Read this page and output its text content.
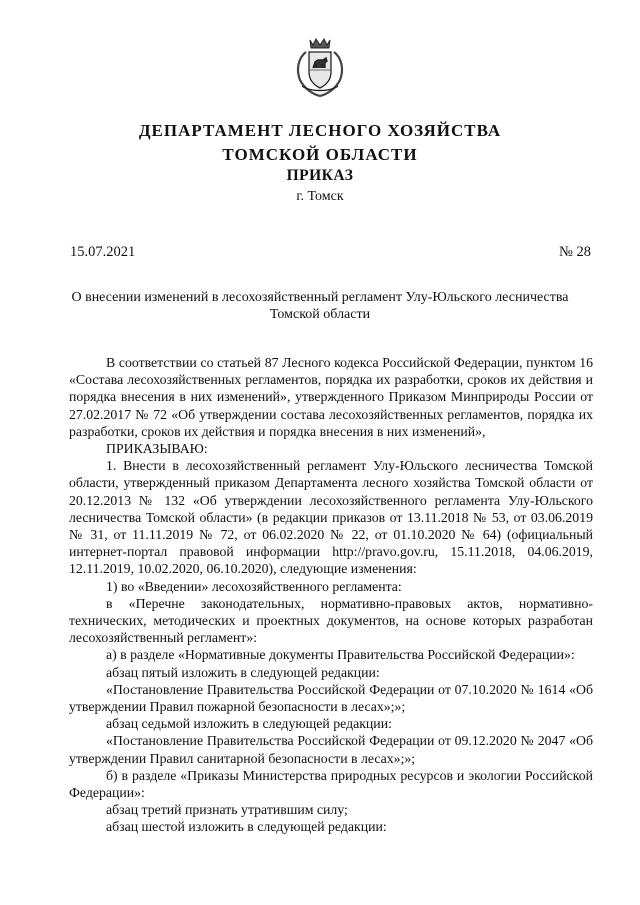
ДЕПАРТАМЕНТ ЛЕСНОГО ХОЗЯЙСТВА
ТОМСКОЙ ОБЛАСТИ
ПРИКАЗ
г. Томск
15.07.2021	№ 28
О внесении изменений в лесохозяйственный регламент Улу-Юльского лесничества Томской области

В соответствии со статьей 87 Лесного кодекса Российской Федерации, пунктом 16 «Состава лесохозяйственных регламентов, порядка их разработки, сроков их действия и порядка внесения в них изменений», утвержденного Приказом Минприроды России от 27.02.2017 № 72 «Об утверждении состава лесохозяйственных регламентов, порядка их разработки, сроков их действия и порядка внесения в них изменений»,

ПРИКАЗЫВАЮ:

1. Внести в лесохозяйственный регламент Улу-Юльского лесничества Томской области, утвержденный приказом Департамента лесного хозяйства Томской области от 20.12.2013 № 132 «Об утверждении лесохозяйственного регламента Улу-Юльского лесничества Томской области» (в редакции приказов от 13.11.2018 № 53, от 03.06.2019 № 31, от 11.11.2019 № 72, от 06.02.2020 № 22, от 01.10.2020 № 64) (официальный интернет-портал правовой информации http://pravo.gov.ru, 15.11.2018, 04.06.2019, 12.11.2019, 10.02.2020, 06.10.2020), следующие изменения:

1) во «Введении» лесохозяйственного регламента:

в «Перечне законодательных, нормативно-правовых актов, нормативно-технических, методических и проектных документов, на основе которых разработан лесохозяйственный регламент»:

а) в разделе «Нормативные документы Правительства Российской Федерации»:

абзац пятый изложить в следующей редакции:

«Постановление Правительства Российской Федерации от 07.10.2020 № 1614 «Об утверждении Правил пожарной безопасности в лесах»;»;

абзац седьмой изложить в следующей редакции:

«Постановление Правительства Российской Федерации от 09.12.2020 № 2047 «Об утверждении Правил санитарной безопасности в лесах»;»;

б) в разделе «Приказы Министерства природных ресурсов и экологии Российской Федерации»:

абзац третий признать утратившим силу;

абзац шестой изложить в следующей редакции:
